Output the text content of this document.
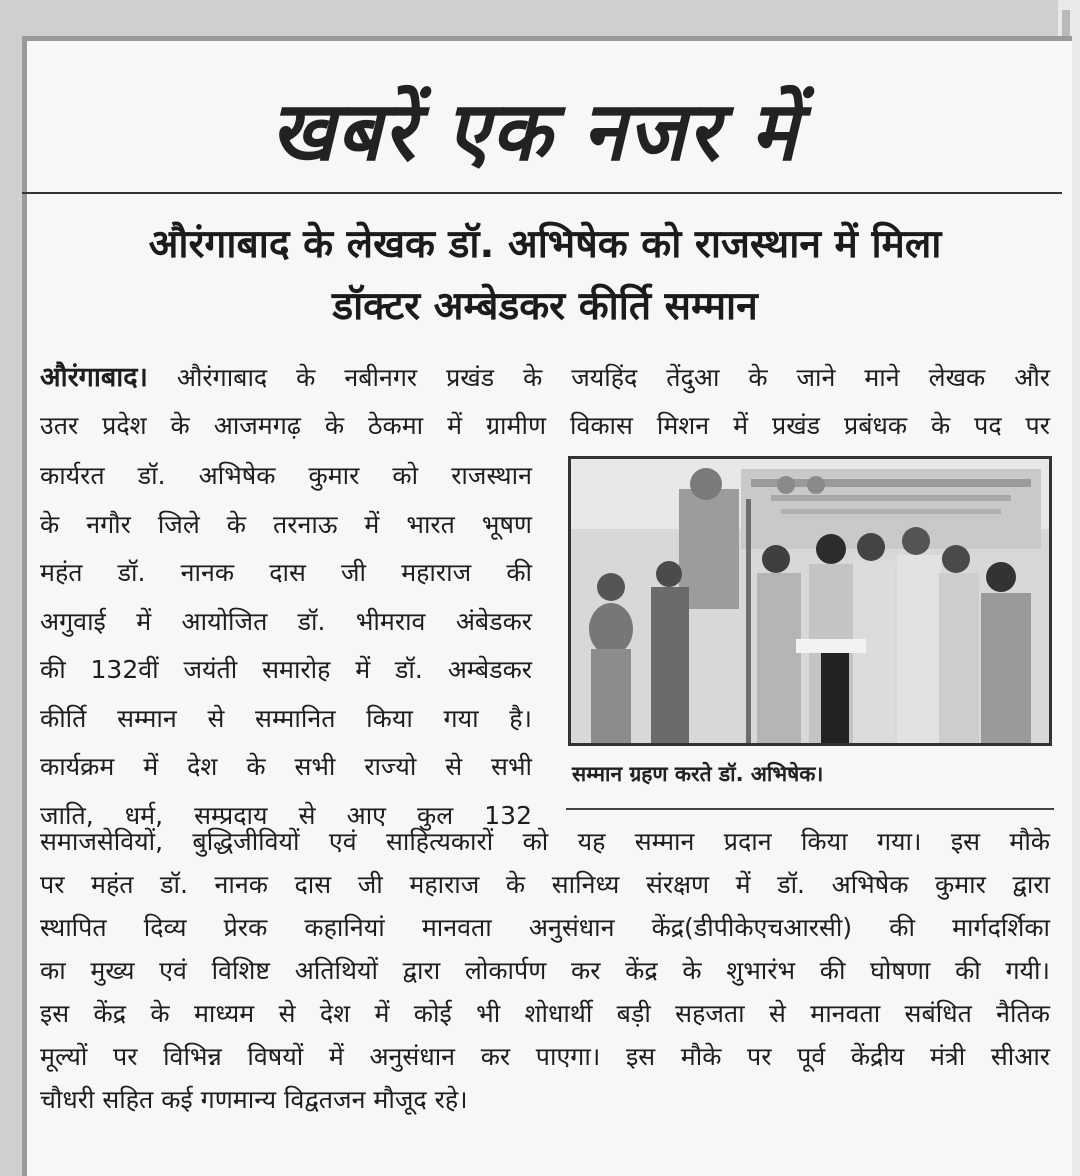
खबरें एक नजर में
औरंगाबाद के लेखक डॉ. अभिषेक को राजस्थान में मिला
डॉक्टर अम्बेडकर कीर्ति सम्मान
औरंगाबाद। औरंगाबाद के नबीनगर प्रखंड के जयहिंद तेंदुआ के जाने माने लेखक और
उतर प्रदेश के आजमगढ़ के ठेकमा में ग्रामीण विकास मिशन में प्रखंड प्रबंधक के पद पर
कार्यरत डॉ. अभिषेक कुमार को राजस्थान
के नगौर जिले के तरनाऊ में भारत भूषण
महंत डॉ. नानक दास जी महाराज की
अगुवाई में आयोजित डॉ. भीमराव अंबेडकर
की 132वीं जयंती समारोह में डॉ. अम्बेडकर
कीर्ति सम्मान से सम्मानित किया गया है।
कार्यक्रम में देश के सभी राज्यो से सभी
जाति, धर्म, सम्प्रदाय से आए कुल 132
सम्मान ग्रहण करते डॉ. अभिषेक।
समाजसेवियों, बुद्धिजीवियों एवं साहित्यकारों को यह सम्मान प्रदान किया गया। इस मौके
पर महंत डॉ. नानक दास जी महाराज के सानिध्य संरक्षण में डॉ. अभिषेक कुमार द्वारा
स्थापित दिव्य प्रेरक कहानियां मानवता अनुसंधान केंद्र(डीपीकेएचआरसी) की मार्गदर्शिका
का मुख्य एवं विशिष्ट अतिथियों द्वारा लोकार्पण कर केंद्र के शुभारंभ की घोषणा की गयी।
इस केंद्र के माध्यम से देश में कोई भी शोधार्थी बड़ी सहजता से मानवता सबंधित नैतिक
मूल्यों पर विभिन्न विषयों में अनुसंधान कर पाएगा। इस मौके पर पूर्व केंद्रीय मंत्री सीआर
चौधरी सहित कई गणमान्य विद्वतजन मौजूद रहे।
